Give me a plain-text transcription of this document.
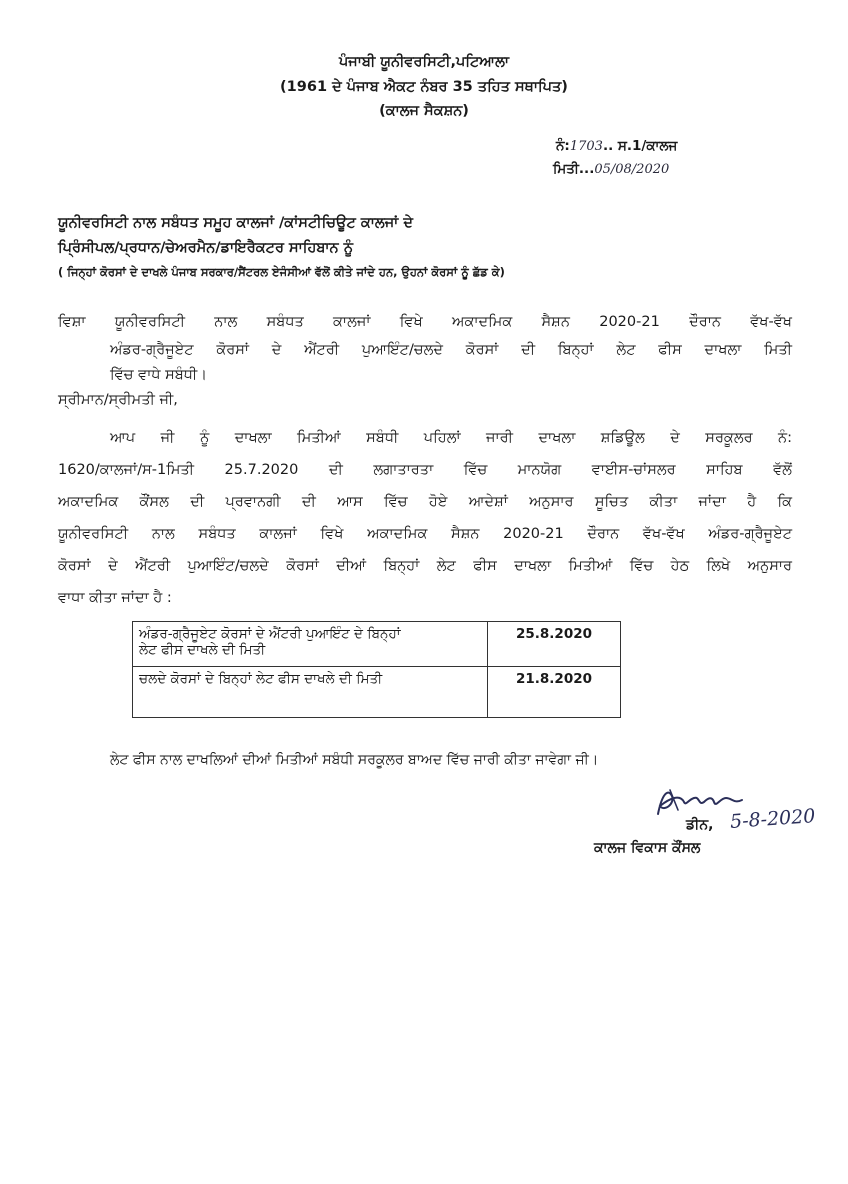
ਪੰਜਾਬੀ ਯੂਨੀਵਰਸਿਟੀ,ਪਟਿਆਲਾ
(1961 ਦੇ ਪੰਜਾਬ ਐਕਟ ਨੰਬਰ 35 ਤਹਿਤ ਸਥਾਪਿਤ)
(ਕਾਲਜ ਸੈਕਸ਼ਨ)
ਨੰ:1703.. ਸ.1/ਕਾਲਜ
ਮਿਤੀ...05/08/2020
ਯੂਨੀਵਰਸਿਟੀ ਨਾਲ ਸਬੰਧਤ ਸਮੂਹ ਕਾਲਜਾਂ /ਕਾਂਸਟੀਚਿਊਟ ਕਾਲਜਾਂ ਦੇ
ਪ੍ਰਿੰਸੀਪਲ/ਪ੍ਰਧਾਨ/ਚੇਅਰਮੈਨ/ਡਾਇਰੈਕਟਰ ਸਾਹਿਬਾਨ ਨੂੰ
( ਜਿਨ੍ਹਾਂ ਕੋਰਸਾਂ ਦੇ ਦਾਖਲੇ ਪੰਜਾਬ ਸਰਕਾਰ/ਸੈਂਟਰਲ ਏਜੰਸੀਆਂ ਵੱਲੋਂ ਕੀਤੇ ਜਾਂਦੇ ਹਨ, ਉਹਨਾਂ ਕੋਰਸਾਂ ਨੂੰ ਛੱਡ ਕੇ)
ਵਿਸ਼ਾ ਯੂਨੀਵਰਸਿਟੀ ਨਾਲ ਸਬੰਧਤ ਕਾਲਜਾਂ ਵਿਖੇ ਅਕਾਦਮਿਕ ਸੈਸ਼ਨ 2020-21 ਦੌਰਾਨ ਵੱਖ-ਵੱਖ
ਅੰਡਰ-ਗ੍ਰੈਜੂਏਟ ਕੋਰਸਾਂ ਦੇ ਐਂਟਰੀ ਪੁਆਇੰਟ/ਚਲਦੇ ਕੋਰਸਾਂ ਦੀ ਬਿਨ੍ਹਾਂ ਲੇਟ ਫੀਸ ਦਾਖਲਾ ਮਿਤੀ
ਵਿੱਚ ਵਾਧੇ ਸਬੰਧੀ।
ਸ੍ਰੀਮਾਨ/ਸ੍ਰੀਮਤੀ ਜੀ,
ਆਪ ਜੀ ਨੂੰ ਦਾਖਲਾ ਮਿਤੀਆਂ ਸਬੰਧੀ ਪਹਿਲਾਂ ਜਾਰੀ ਦਾਖਲਾ ਸ਼ਡਿਊਲ ਦੇ ਸਰਕੂਲਰ ਨੰ:
1620/ਕਾਲਜਾਂ/ਸ-1ਮਿਤੀ 25.7.2020 ਦੀ ਲਗਾਤਾਰਤਾ ਵਿੱਚ ਮਾਨਯੋਗ ਵਾਈਸ-ਚਾਂਸਲਰ ਸਾਹਿਬ ਵੱਲੋਂ
ਅਕਾਦਮਿਕ ਕੌਂਸਲ ਦੀ ਪ੍ਰਵਾਨਗੀ ਦੀ ਆਸ ਵਿੱਚ ਹੋਏ ਆਦੇਸ਼ਾਂ ਅਨੁਸਾਰ ਸੂਚਿਤ ਕੀਤਾ ਜਾਂਦਾ ਹੈ ਕਿ
ਯੂਨੀਵਰਸਿਟੀ ਨਾਲ ਸਬੰਧਤ ਕਾਲਜਾਂ ਵਿਖੇ ਅਕਾਦਮਿਕ ਸੈਸ਼ਨ 2020-21 ਦੌਰਾਨ ਵੱਖ-ਵੱਖ ਅੰਡਰ-ਗ੍ਰੈਜੂਏਟ
ਕੋਰਸਾਂ ਦੇ ਐਂਟਰੀ ਪੁਆਇੰਟ/ਚਲਦੇ ਕੋਰਸਾਂ ਦੀਆਂ ਬਿਨ੍ਹਾਂ ਲੇਟ ਫੀਸ ਦਾਖਲਾ ਮਿਤੀਆਂ ਵਿੱਚ ਹੇਠ ਲਿਖੇ ਅਨੁਸਾਰ
ਵਾਧਾ ਕੀਤਾ ਜਾਂਦਾ ਹੈ :
ਅੰਡਰ-ਗ੍ਰੈਜੂਏਟ ਕੋਰਸਾਂ ਦੇ ਐਂਟਰੀ ਪੁਆਇੰਟ ਦੇ ਬਿਨ੍ਹਾਂ
ਲੇਟ ਫੀਸ ਦਾਖਲੇ ਦੀ ਮਿਤੀ	25.8.2020

ਚਲਦੇ ਕੋਰਸਾਂ ਦੇ ਬਿਨ੍ਹਾਂ ਲੇਟ ਫੀਸ ਦਾਖਲੇ ਦੀ ਮਿਤੀ	21.8.2020
ਲੇਟ ਫੀਸ ਨਾਲ ਦਾਖਲਿਆਂ ਦੀਆਂ ਮਿਤੀਆਂ ਸਬੰਧੀ ਸਰਕੂਲਰ ਬਾਅਦ ਵਿੱਚ ਜਾਰੀ ਕੀਤਾ ਜਾਵੇਗਾ ਜੀ।
ਡੀਨ, 5-8-2020
ਕਾਲਜ ਵਿਕਾਸ ਕੌਂਸਲ
